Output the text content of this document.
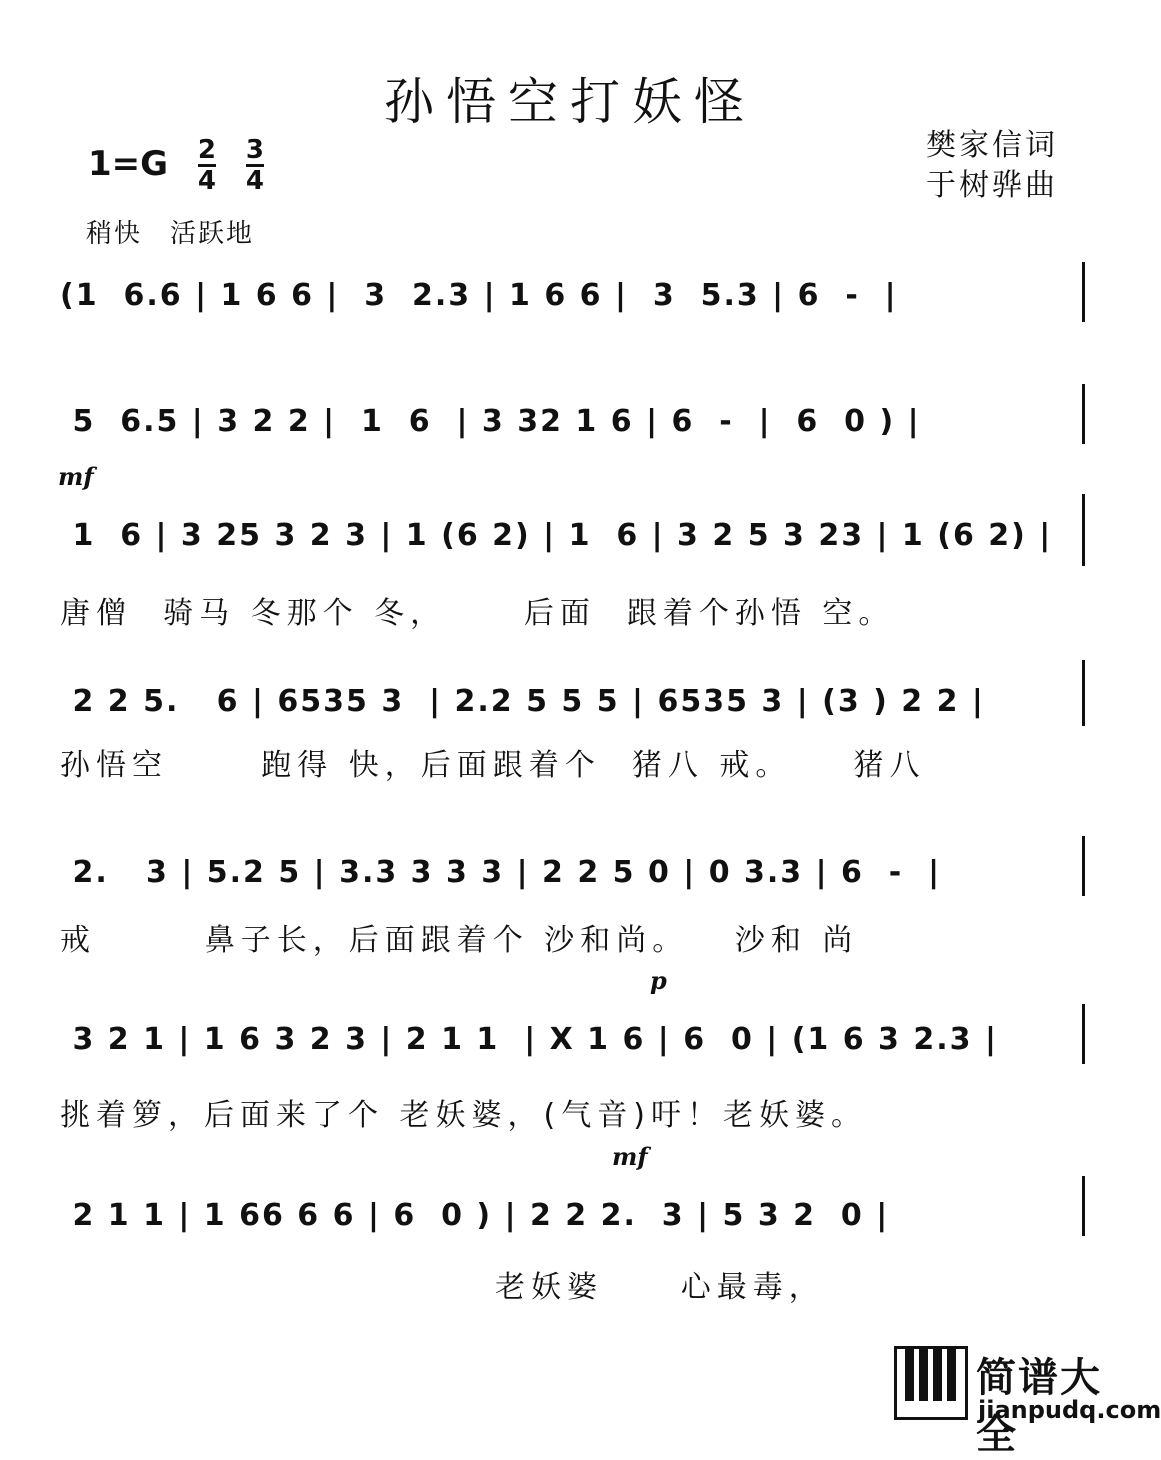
孙悟空打妖怪
樊家信词
于树骅曲
$1=G \frac{2}{4}$
$\frac{3}{4}$
稍快　活跃地
(1  6.6 | 1 6 6 |  3  2.3 | 1 6 6 |  3  5.3 | 6  -  |
5  6.5 | 3 2 2 |  1  6  | 3 32 1 6 | 6  -  |  6  0 ) |
mf
1  6 | 3 25 3 2 3 | 1 (6 2) | 1  6 | 3 2 5 3 23 | 1 (6 2) |
唐僧  骑马 冬那个 冬，     后面  跟着个孙悟 空。
2 2 5.   6 | 6535 3  | 2.2 5 5 5 | 6535 3 | (3 ) 2 2 |
孙悟空      跑得 快，后面跟着个  猪八 戒。    猪八
2.   3 | 5.2 5 | 3.3 3 3 3 | 2 2 5 0 | 0 3.3 | 6  -  |
戒       鼻子长，后面跟着个 沙和尚。   沙和 尚
p
3 2 1 | 1 6 3 2 3 | 2 1 1  | X 1 6 | 6  0 | (1 6 3 2.3 |
挑着箩，后面来了个 老妖婆，(气音)吁！老妖婆。
mf
2 1 1 | 1 66 6 6 | 6  0 ) | 2 2 2.  3 | 5 3 2  0 |
老妖婆     心最毒，
简谱大全
jianpudq.com
